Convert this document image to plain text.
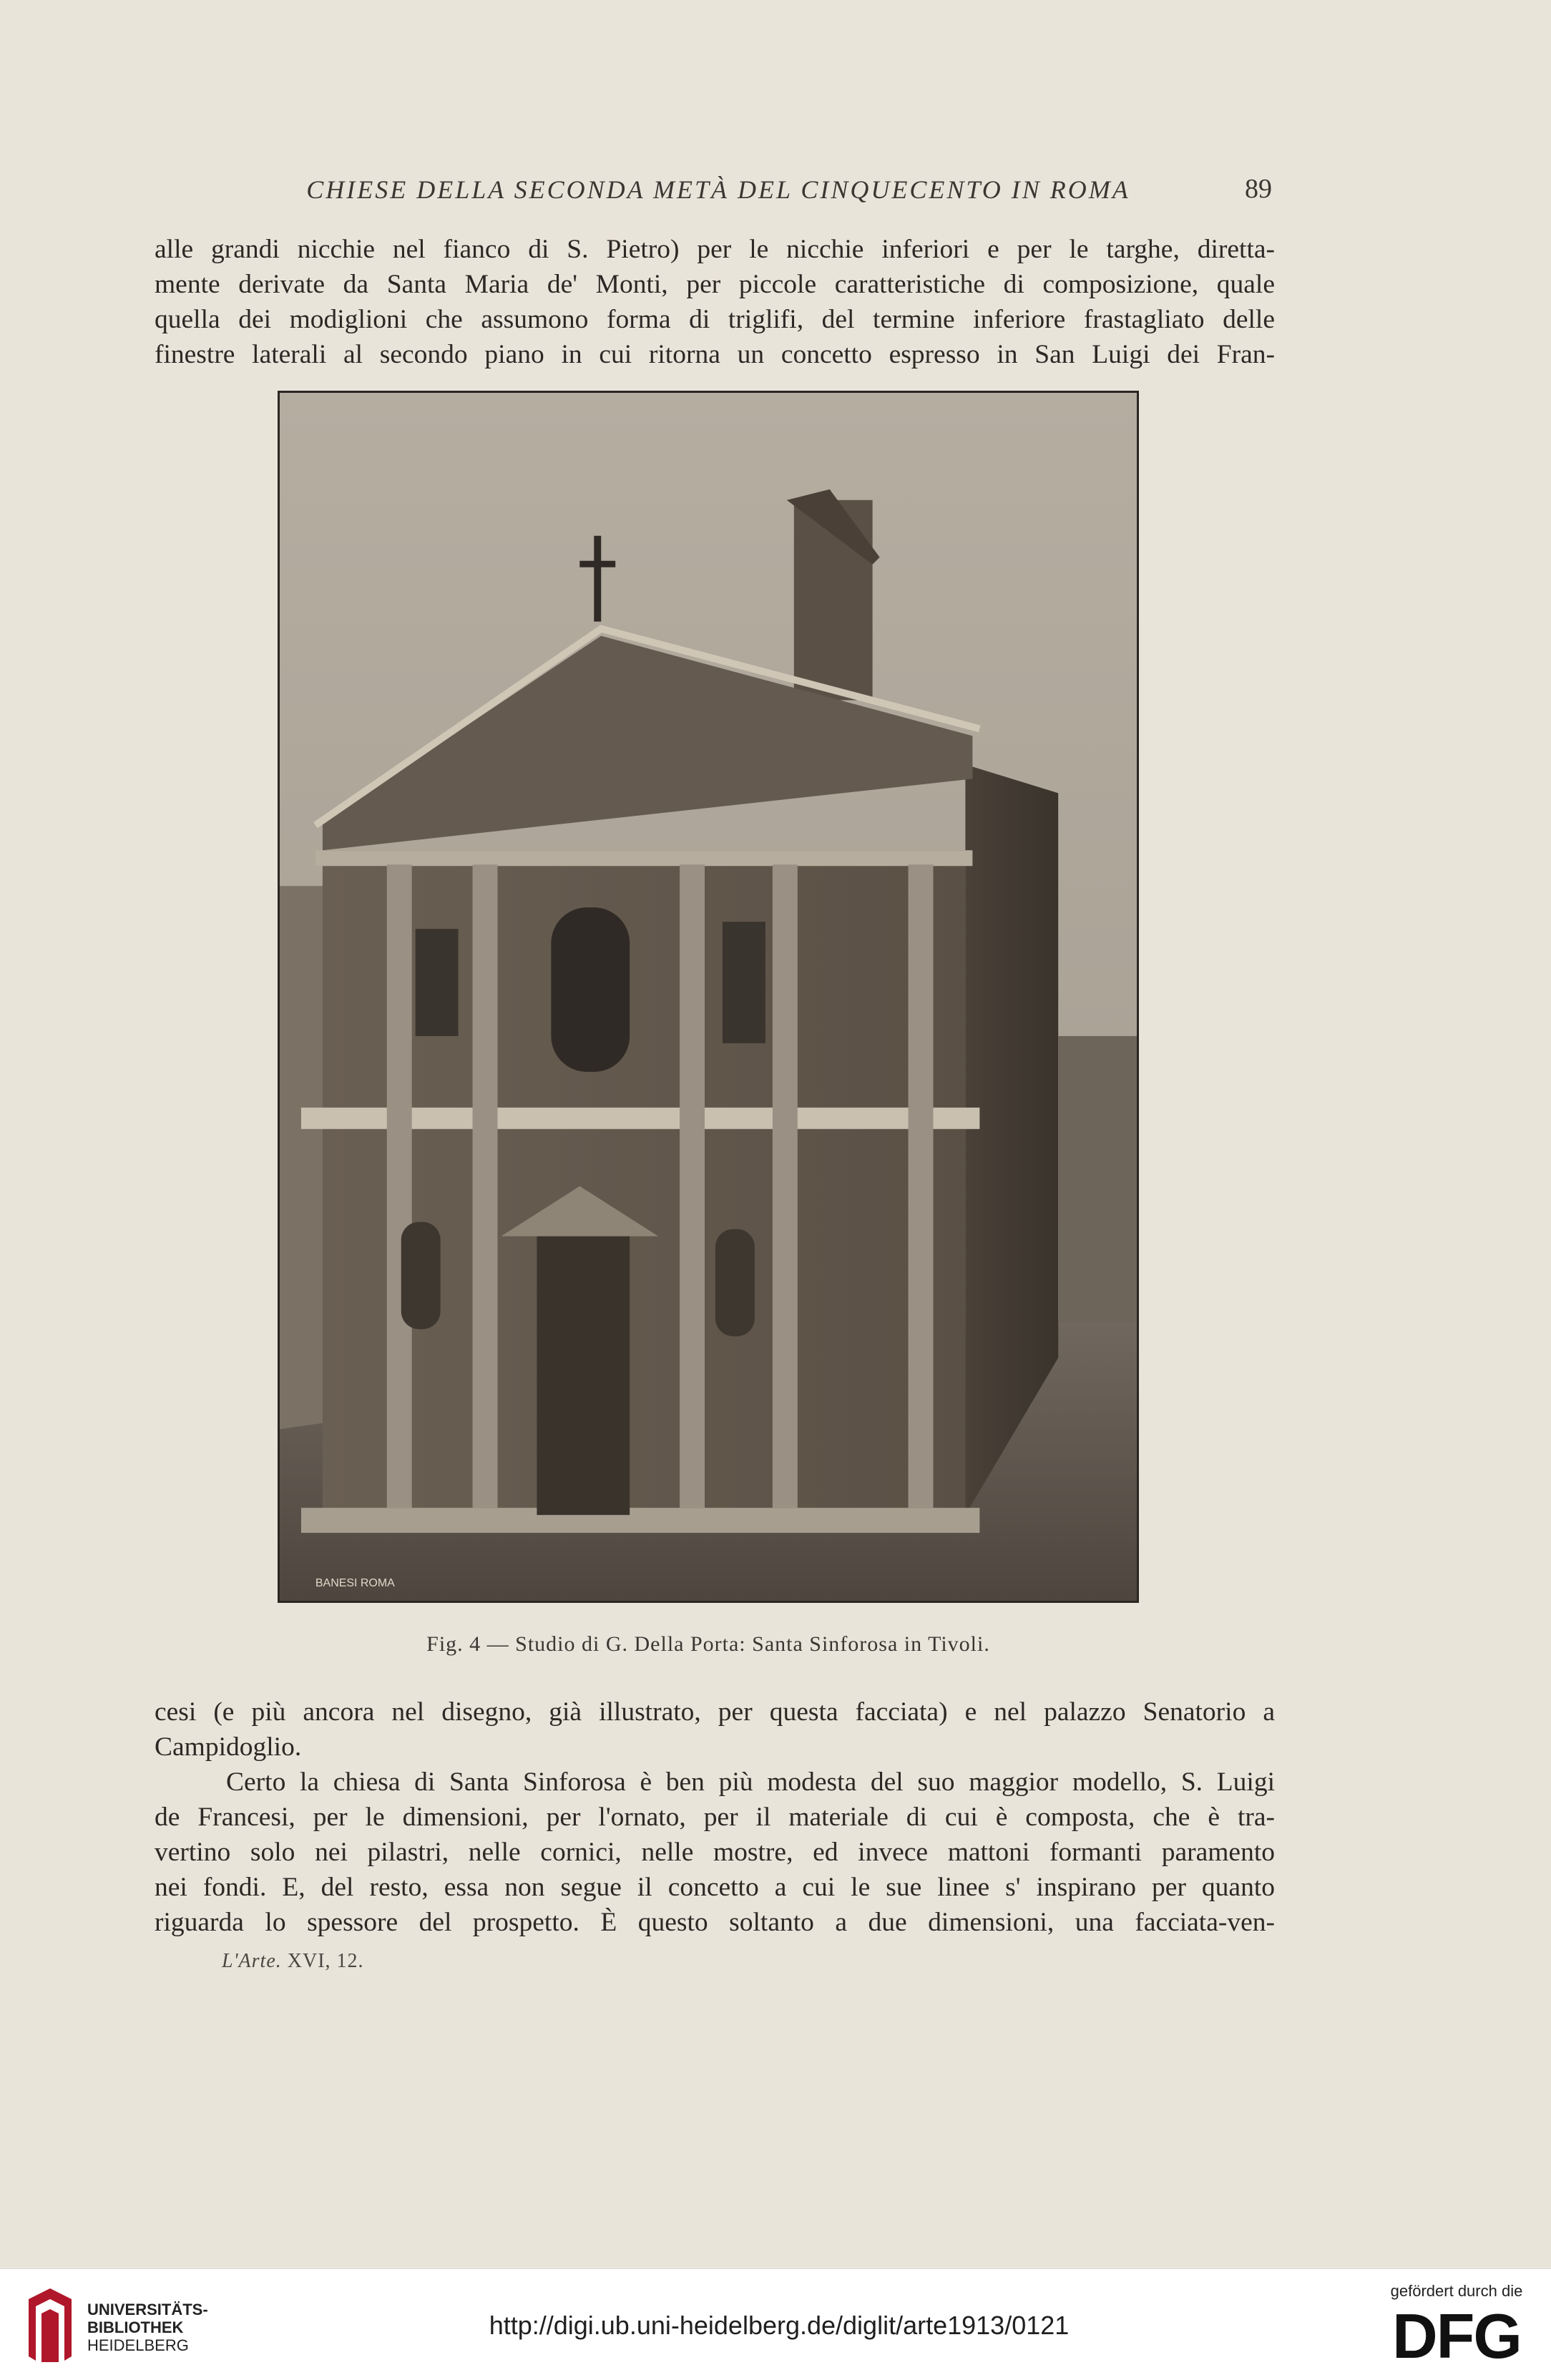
CHIESE DELLA SECONDA METÀ DEL CINQUECENTO IN ROMA	89

alle grandi nicchie nel fianco di S. Pietro) per le nicchie inferiori e per le targhe, diretta-
mente derivate da Santa Maria de' Monti, per piccole caratteristiche di composizione, quale
quella dei modiglioni che assumono forma di triglifi, del termine inferiore frastagliato delle
finestre laterali al secondo piano in cui ritorna un concetto espresso in San Luigi dei Fran-

BANESI ROMA
Fig. 4 — Studio di G. Della Porta: Santa Sinforosa in Tivoli.

cesi (e più ancora nel disegno, già illustrato, per questa facciata) e nel palazzo Senatorio a
Campidoglio.
Certo la chiesa di Santa Sinforosa è ben più modesta del suo maggior modello, S. Luigi
de Francesi, per le dimensioni, per l'ornato, per il materiale di cui è composta, che è tra-
vertino solo nei pilastri, nelle cornici, nelle mostre, ed invece mattoni formanti paramento
nei fondi. E, del resto, essa non segue il concetto a cui le sue linee s' inspirano per quanto
riguarda lo spessore del prospetto. È questo soltanto a due dimensioni, una facciata-ven-

L'Arte. XVI, 12.
UNIVERSITÄTS-
BIBLIOTHEK
HEIDELBERG
http://digi.ub.uni-heidelberg.de/diglit/arte1913/0121
gefördert durch die
DFG
